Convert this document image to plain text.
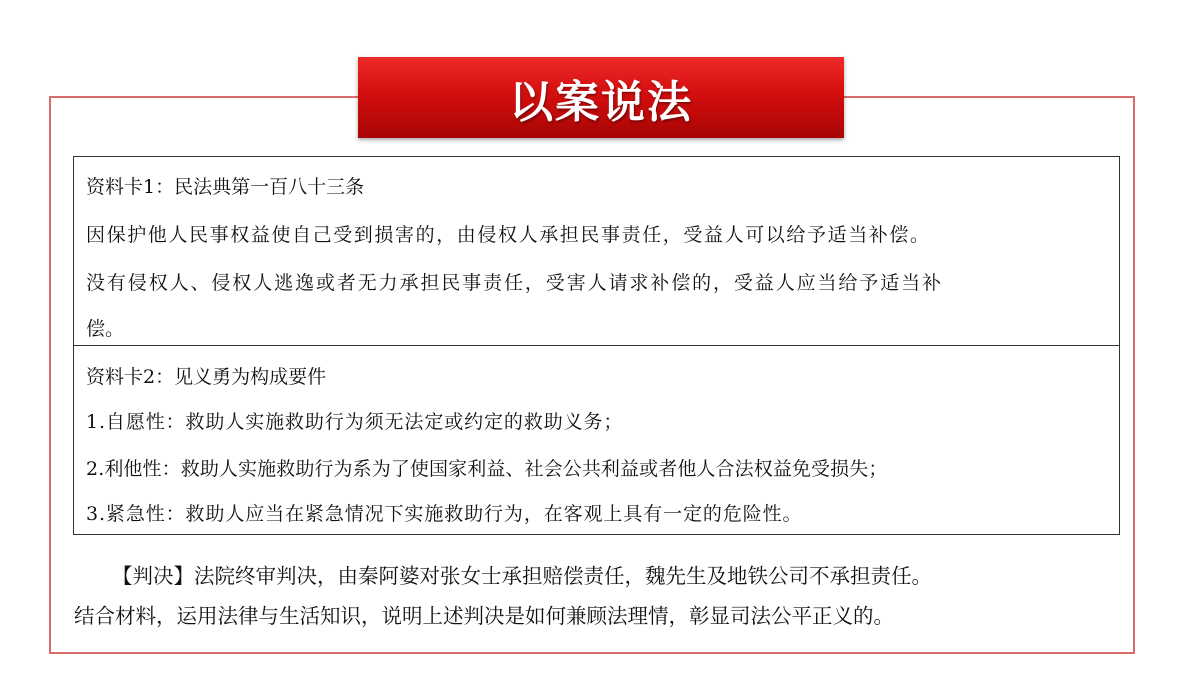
以案说法
资料卡1：民法典第一百八十三条
因保护他人民事权益使自己受到损害的，由侵权人承担民事责任，受益人可以给予适当补偿。
没有侵权人、侵权人逃逸或者无力承担民事责任，受害人请求补偿的，受益人应当给予适当补
偿。
资料卡2：见义勇为构成要件
1.自愿性：救助人实施救助行为须无法定或约定的救助义务；
2.利他性：救助人实施救助行为系为了使国家利益、社会公共利益或者他人合法权益免受损失；
3.紧急性：救助人应当在紧急情况下实施救助行为，在客观上具有一定的危险性。
【判决】法院终审判决，由秦阿婆对张女士承担赔偿责任，魏先生及地铁公司不承担责任。
结合材料，运用法律与生活知识，说明上述判决是如何兼顾法理情，彰显司法公平正义的。
